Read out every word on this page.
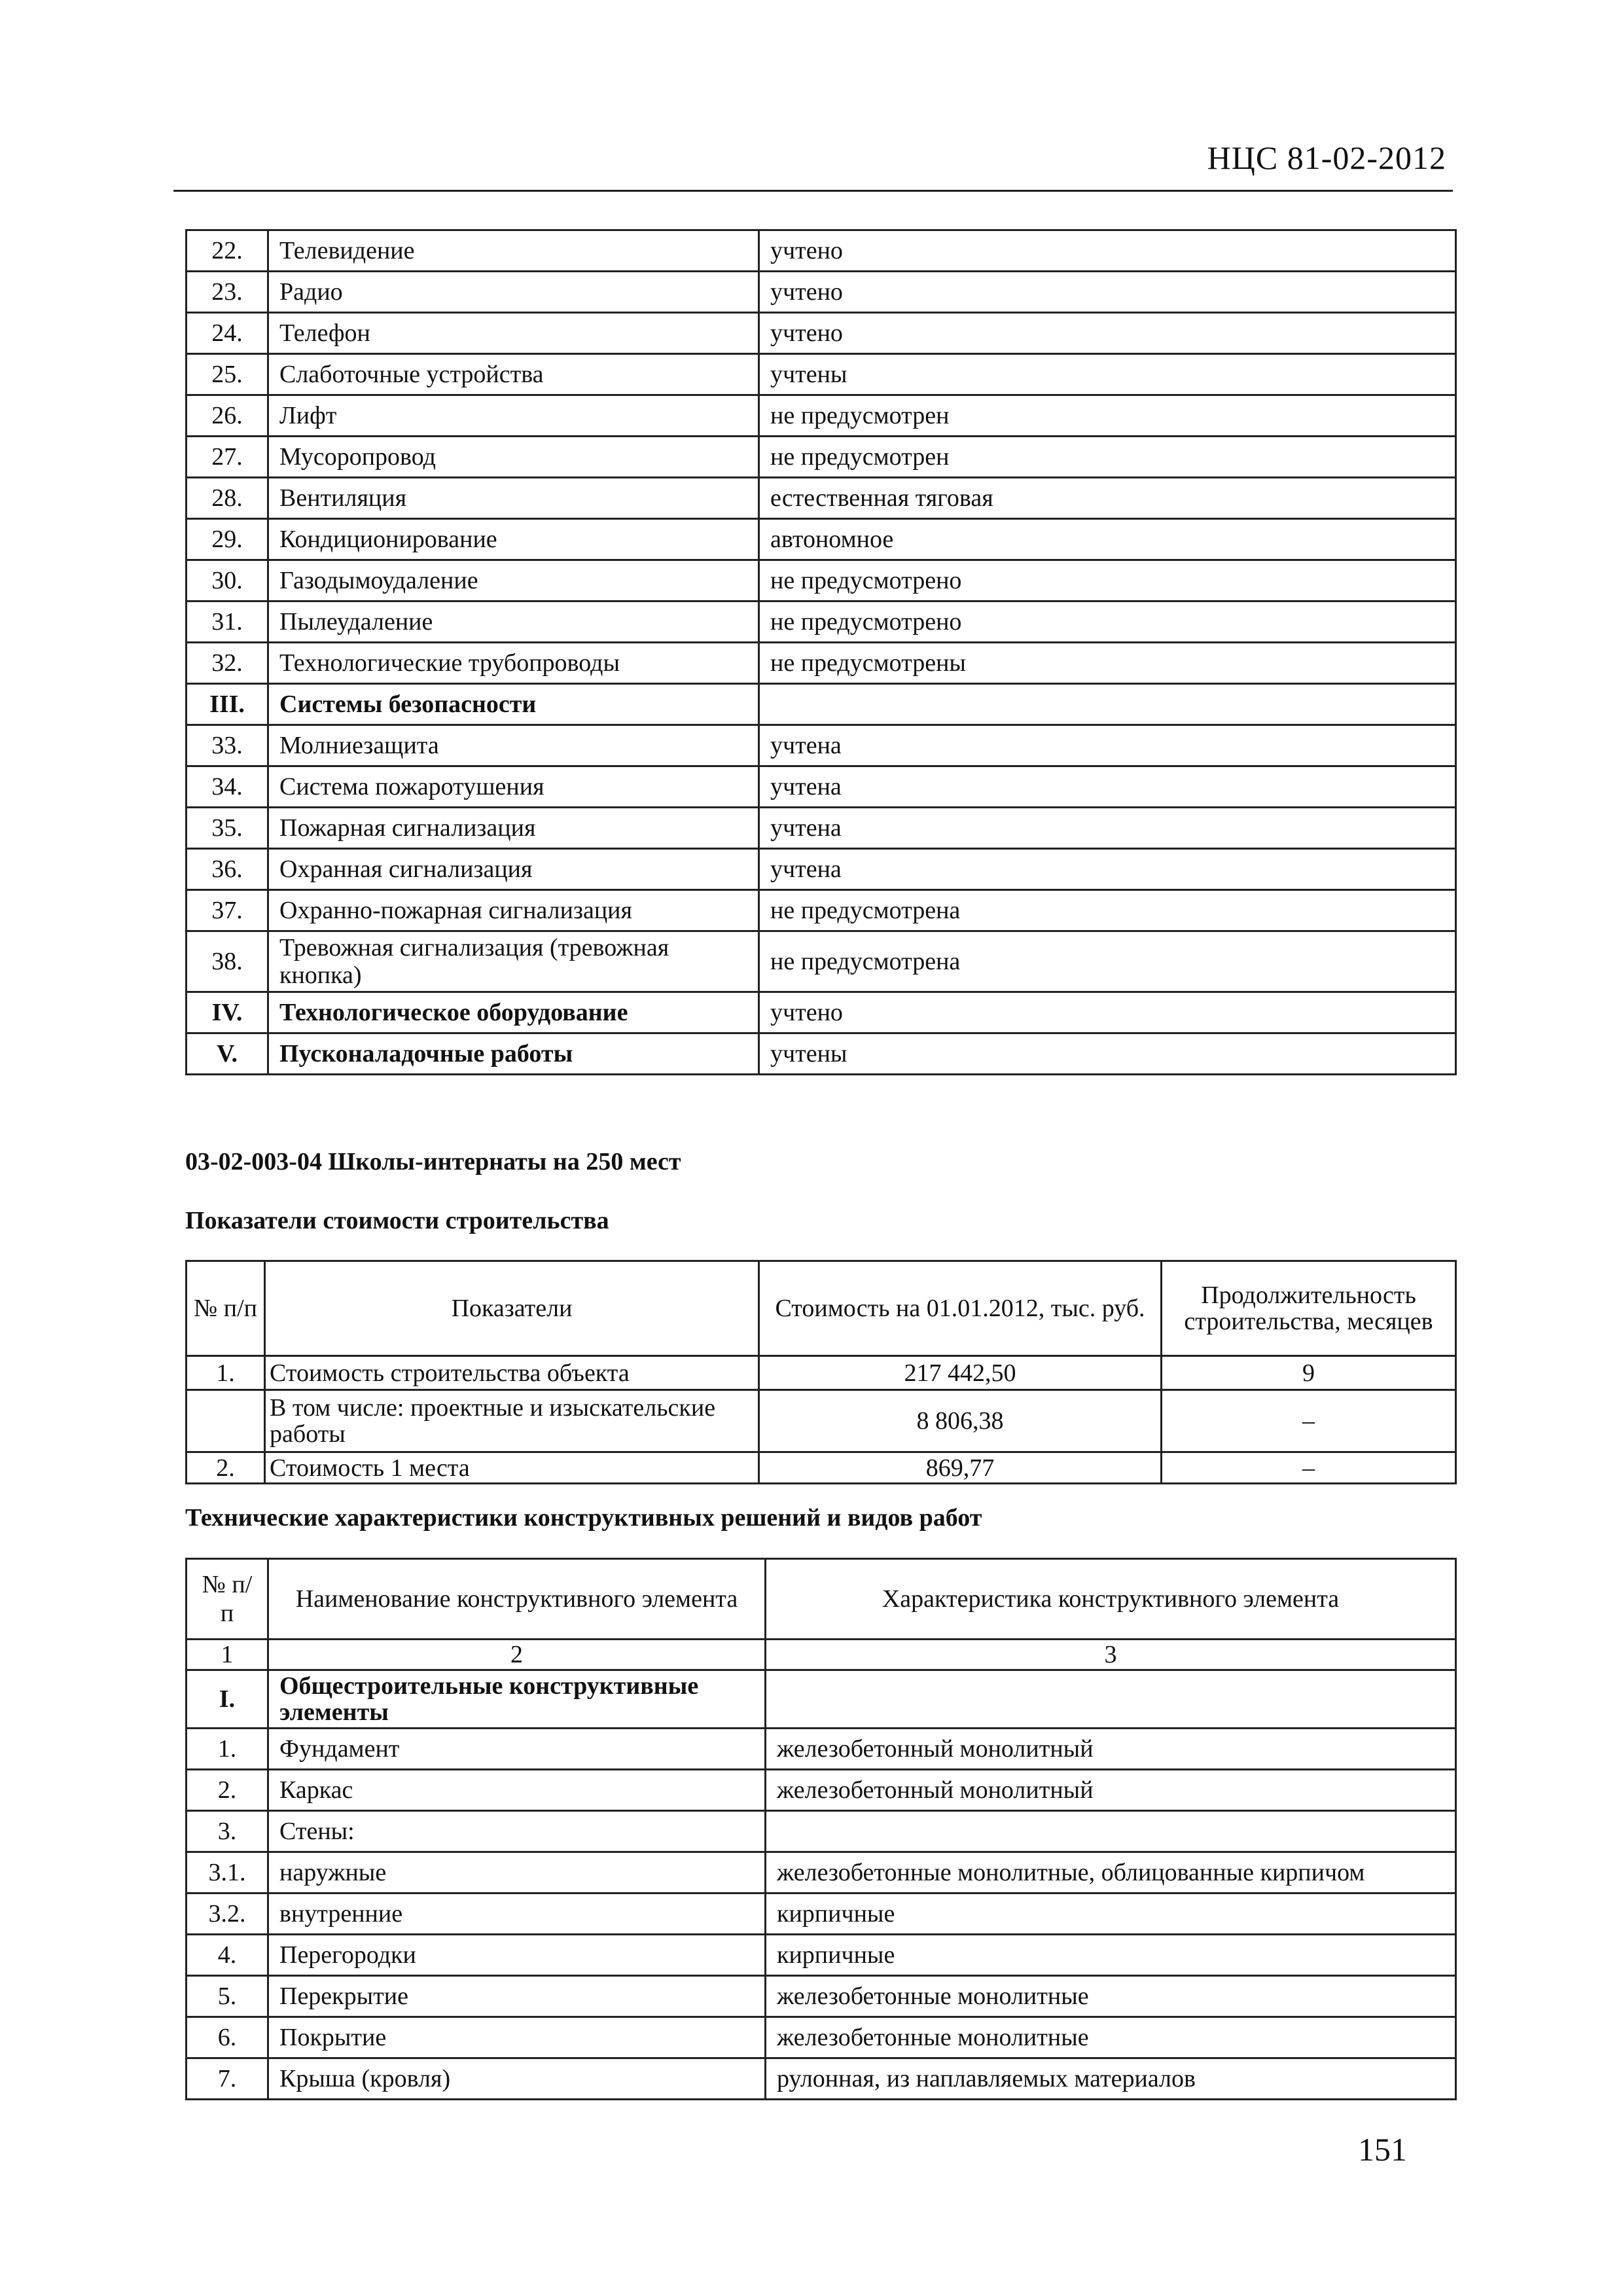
НЦС 81-02-2012
22.	Телевидение	учтено
23.	Радио	учтено
24.	Телефон	учтено
25.	Слаботочные устройства	учтены
26.	Лифт	не предусмотрен
27.	Мусоропровод	не предусмотрен
28.	Вентиляция	естественная тяговая
29.	Кондиционирование	автономное
30.	Газодымоудаление	не предусмотрено
31.	Пылеудаление	не предусмотрено
32.	Технологические трубопроводы	не предусмотрены
III.	Системы безопасности	
33.	Молниезащита	учтена
34.	Система пожаротушения	учтена
35.	Пожарная сигнализация	учтена
36.	Охранная сигнализация	учтена
37.	Охранно-пожарная сигнализация	не предусмотрена
38.	Тревожная сигнализация (тревожная кнопка)	не предусмотрена
IV.	Технологическое оборудование	учтено
V.	Пусконаладочные работы	учтены
03-02-003-04 Школы-интернаты на 250 мест
Показатели стоимости строительства
№ п/п	Показатели	Стоимость на 01.01.2012, тыс. руб.	Продолжительность строительства, месяцев
1.	Стоимость строительства объекта	217 442,50	9
	В том числе: проектные и изыскательские работы	8 806,38	–
2.	Стоимость 1 места	869,77	–
Технические характеристики конструктивных решений и видов работ
№ п/п	Наименование конструктивного элемента	Характеристика конструктивного элемента
1	2	3
I.	Общестроительные конструктивные элементы	
1.	Фундамент	железобетонный монолитный
2.	Каркас	железобетонный монолитный
3.	Стены:	
3.1.	наружные	железобетонные монолитные, облицованные кирпичом
3.2.	внутренние	кирпичные
4.	Перегородки	кирпичные
5.	Перекрытие	железобетонные монолитные
6.	Покрытие	железобетонные монолитные
7.	Крыша (кровля)	рулонная, из наплавляемых материалов
151
